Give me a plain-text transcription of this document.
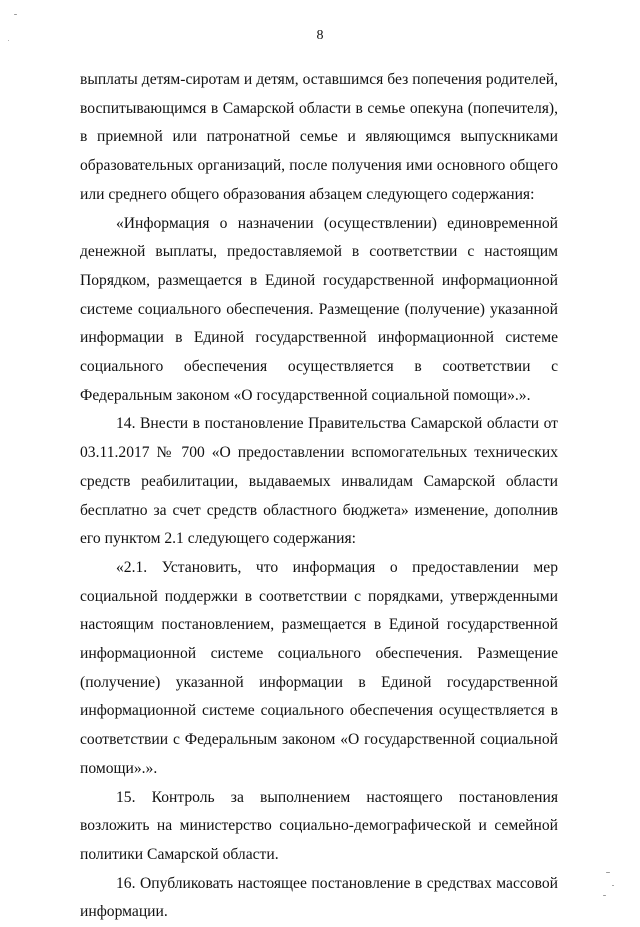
8

выплаты детям-сиротам и детям, оставшимся без попечения родителей, воспитывающимся в Самарской области в семье опекуна (попечителя), в приемной или патронатной семье и являющимся выпускниками образовательных организаций, после получения ими основного общего или среднего общего образования абзацем следующего содержания:

«Информация о назначении (осуществлении) единовременной денежной выплаты, предоставляемой в соответствии с настоящим Порядком, размещается в Единой государственной информационной системе социального обеспечения. Размещение (получение) указанной информации в Единой государственной информационной системе социального обеспечения осуществляется в соответствии с Федеральным законом «О государственной социальной помощи».».

14. Внести в постановление Правительства Самарской области от 03.11.2017 № 700 «О предоставлении вспомогательных технических средств реабилитации, выдаваемых инвалидам Самарской области бесплатно за счет средств областного бюджета» изменение, дополнив его пунктом 2.1 следующего содержания:

«2.1. Установить, что информация о предоставлении мер социальной поддержки в соответствии с порядками, утвержденными настоящим постановлением, размещается в Единой государственной информационной системе социального обеспечения. Размещение (получение) указанной информации в Единой государственной информационной системе социального обеспечения осуществляется в соответствии с Федеральным законом «О государственной социальной помощи».».

15. Контроль за выполнением настоящего постановления возложить на министерство социально-демографической и семейной политики Самарской области.

16. Опубликовать настоящее постановление в средствах массовой информации.
